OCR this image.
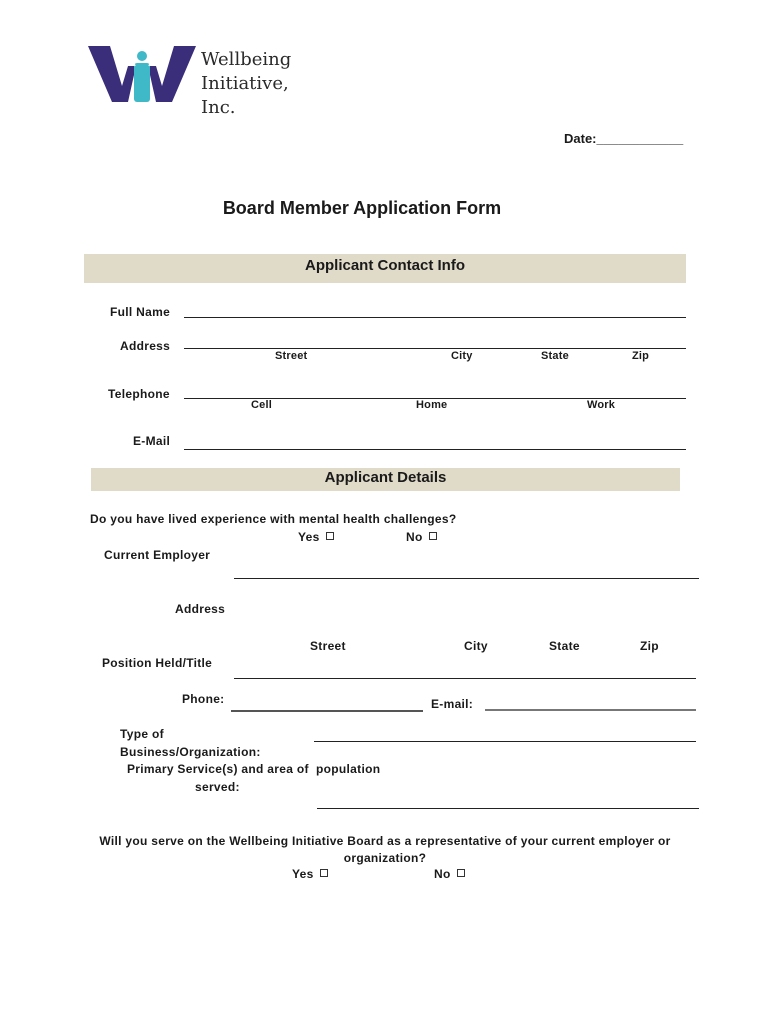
Wellbeing
Initiative, Inc.
Date:____________
Board Member Application Form
Applicant Contact Info
Full Name
Address
Street	City	State	Zip
Telephone
Cell	Home	Work
E-Mail
Applicant Details
Do you have lived experience with mental health challenges?
Yes	No
Current Employer
Address
Street	City	State	Zip
Position Held/Title
Phone:	E-mail:
Type of
Business/Organization:
Primary Service(s) and area of  population
served:
Will you serve on the Wellbeing Initiative Board as a representative of your current employer or
organization?
Yes	No
